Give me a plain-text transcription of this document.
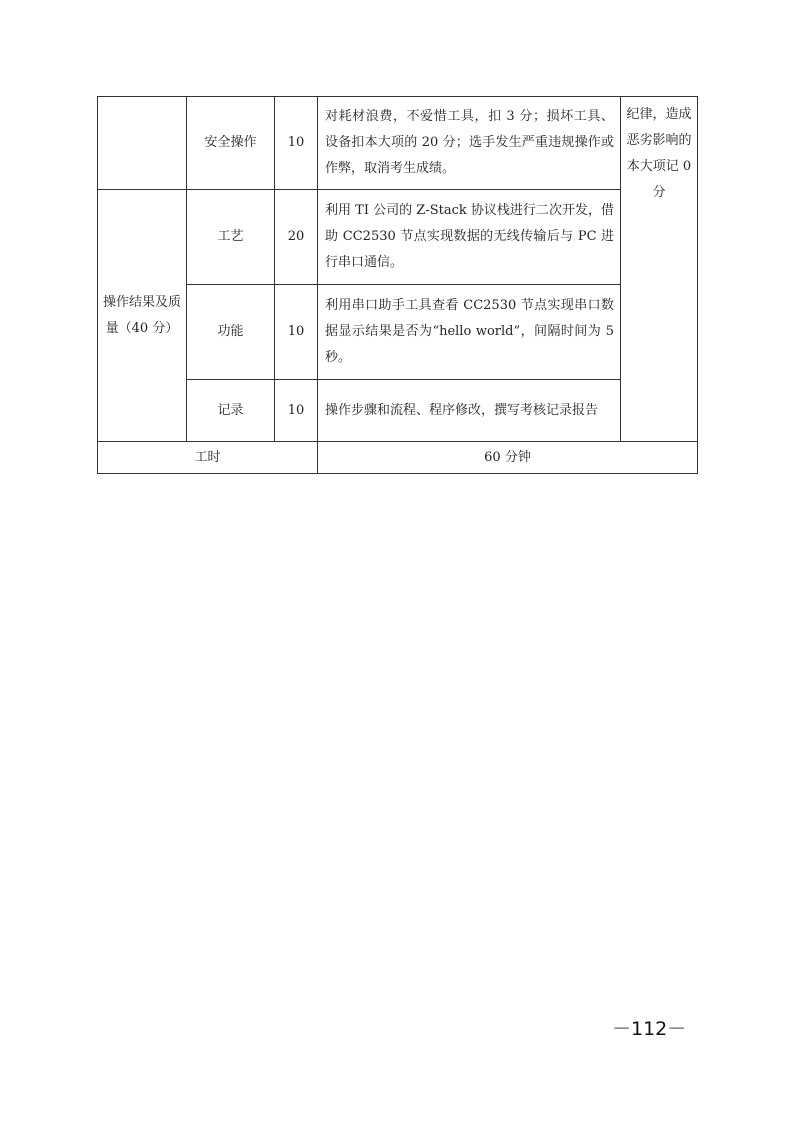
	安全操作	10	对耗材浪费，不爱惜工具，扣 3 分；损坏工具、设备扣本大项的 20 分；选手发生严重违规操作或作弊，取消考生成绩。	纪律，造成恶劣影响的本大项记 0 分
操作结果及质量（40 分）	工艺	20	利用 TI 公司的 Z-Stack 协议栈进行二次开发，借助 CC2530 节点实现数据的无线传输后与 PC 进行串口通信。	
	功能	10	利用串口助手工具查看 CC2530 节点实现串口数据显示结果是否为“hello world”，间隔时间为 5 秒。	
	记录	10	操作步骤和流程、程序修改，撰写考核记录报告	
工时			60 分钟	
－112－
